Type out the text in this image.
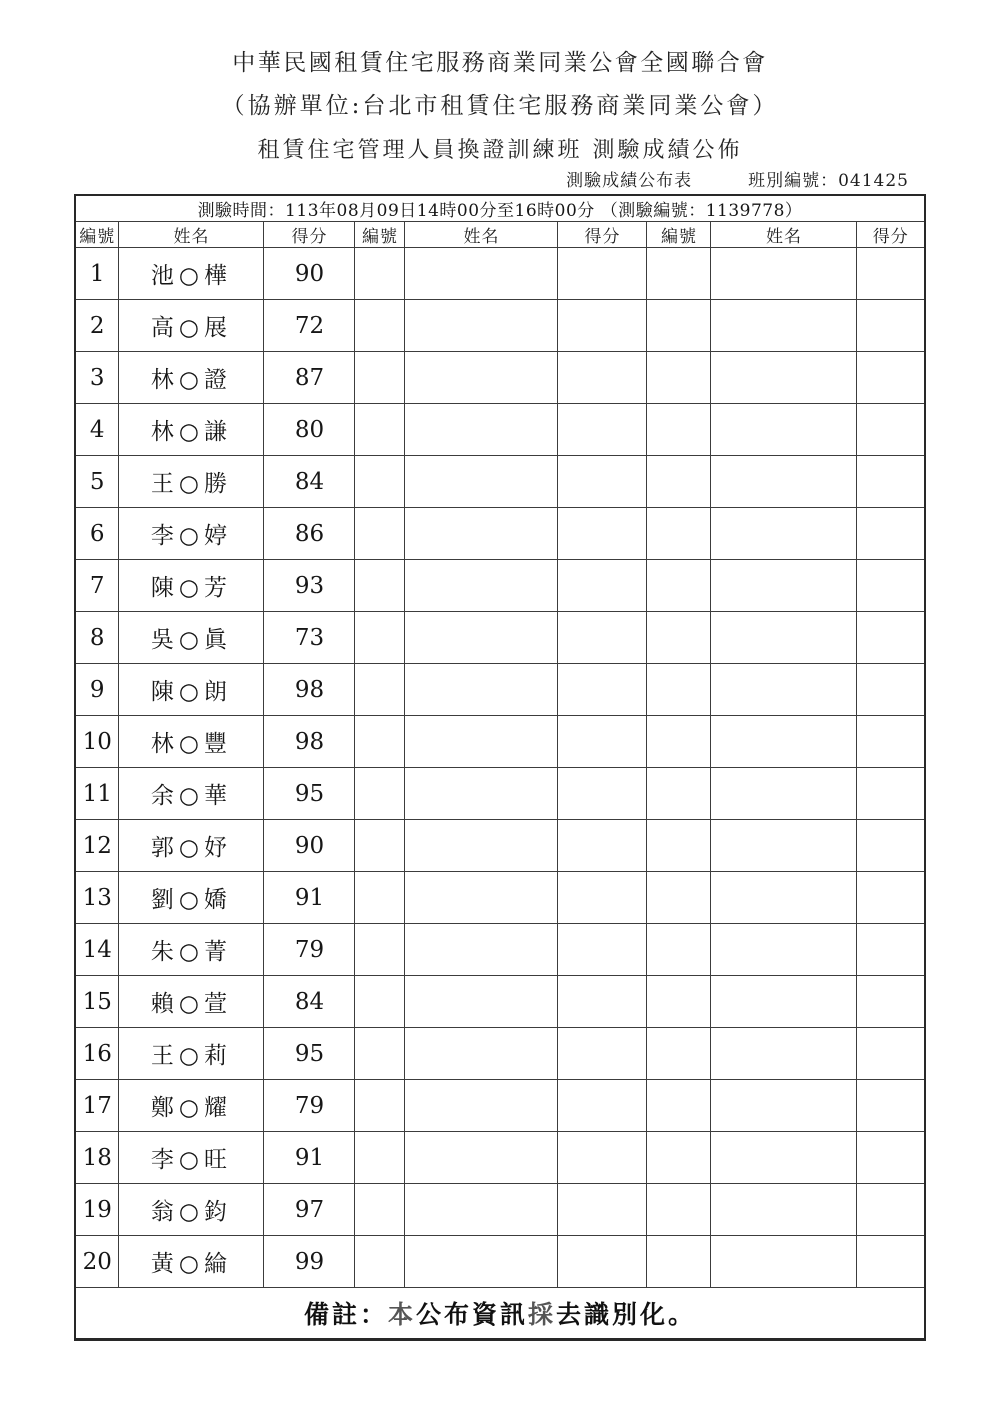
中華民國租賃住宅服務商業同業公會全國聯合會
（協辦單位:台北市租賃住宅服務商業同業公會）
租賃住宅管理人員換證訓練班 測驗成績公佈
測驗成績公布表	班別編號：041425
測驗時間：113年08月09日14時00分至16時00分 （測驗編號：1139778）								
編號	姓名	得分	編號	姓名	得分	編號	姓名	得分
1	池○樺	90						
2	高○展	72						
3	林○證	87						
4	林○謙	80						
5	王○勝	84						
6	李○婷	86						
7	陳○芳	93						
8	吳○眞	73						
9	陳○朗	98						
10	林○豐	98						
11	余○華	95						
12	郭○妤	90						
13	劉○嬌	91						
14	朱○菁	79						
15	賴○萱	84						
16	王○莉	95						
17	鄭○耀	79						
18	李○旺	91						
19	翁○鈞	97						
20	黃○綸	99						
備註：本公布資訊採去識別化。								
